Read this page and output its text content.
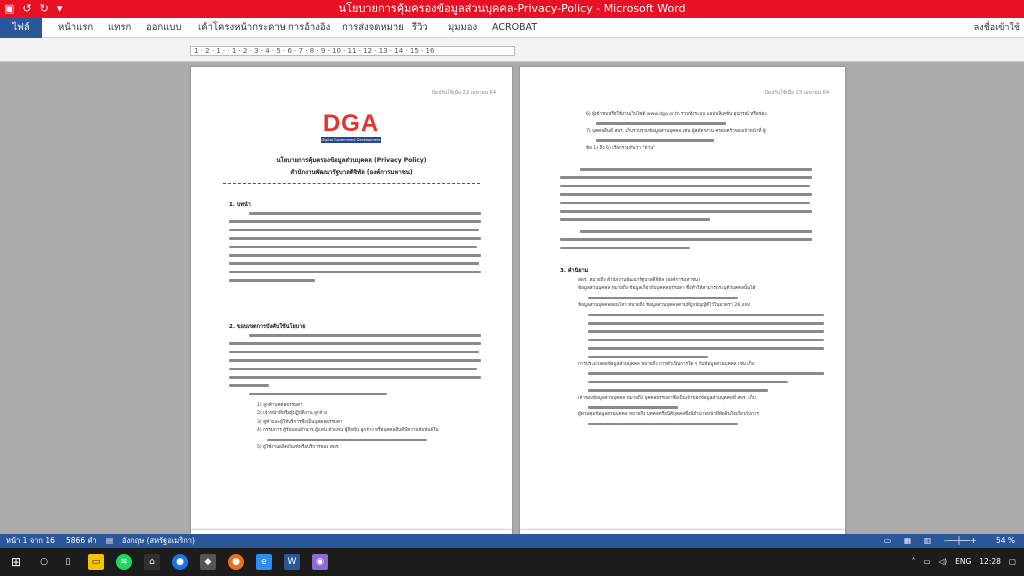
▣ ↺ ↻ ▾	นโยบายการคุ้มครองข้อมูลส่วนบุคคล-Privacy-Policy - Microsoft Word
ไฟล์	หน้าแรก แทรก ออกแบบ เค้าโครงหน้ากระดาษ การอ้างอิง การส่งจดหมาย รีวิว มุมมอง ACROBAT	ลงชื่อเข้าใช้
1 · 2 · 1 · · 1 · 2 · 3 · 4 · 5 · 6 · 7 · 8 · 9 · 10 · 11 · 12 · 13 · 14 · 15 · 16
ปัดปรับใช้เมื่อ 23 เมษายน 64
DGA
Digital Government Development Agency
นโยบายการคุ้มครองข้อมูลส่วนบุคคล (Privacy Policy)
สำนักงานพัฒนารัฐบาลดิจิทัล (องค์การมหาชน)
1. บทนำ
2. ขอบเขตการบังคับใช้นโยบาย
1) ลูกค้าบุคคลธรรมดา
2) เจ้าหน้าที่หรือผู้ปฏิบัติงาน ลูกจ้าง
3) คู่ค้าและผู้ให้บริการซึ่งเป็นบุคคลธรรมดา
4) กรรมการ ผู้รับมอบอำนาจ ผู้แทน ตัวแทน ผู้ถือหุ้น ลูกจ้าง หรือบุคคลอื่นที่มีความสัมพันธ์ใน
5) ผู้ใช้งานผลิตภัณฑ์หรือบริการของ สพร.
ปัดปรับใช้เมื่อ 23 เมษายน 64
6) ผู้เข้าชมหรือใช้งานเว็บไซต์ www.dga.or.th รวมทั้งระบบ แอปพลิเคชัน อุปกรณ์ หรือช่อง
7) บุคคลอื่นที่ สพร. เก็บรวบรวมข้อมูลส่วนบุคคล เช่น ผู้สมัครงาน ครอบครัวของเจ้าหน้าที่ ผู้
ข้อ 1) ถึง 6) เรียกรวมกันว่า "ท่าน"
3. คำนิยาม
สพร. หมายถึง สำนักงานพัฒนารัฐบาลดิจิทัล (องค์การมหาชน)
ข้อมูลส่วนบุคคล หมายถึง ข้อมูลเกี่ยวกับบุคคลธรรมดา ซึ่งทำให้สามารถระบุตัวบุคคลนั้นได้
ข้อมูลส่วนบุคคลอ่อนไหว หมายถึง ข้อมูลส่วนบุคคลตามที่ถูกบัญญัติไว้ในมาตรา 26 แห่ง
การประมวลผลข้อมูลส่วนบุคคล หมายถึง การดำเนินการใด ๆ กับข้อมูลส่วนบุคคล เช่น เก็บ
เจ้าของข้อมูลส่วนบุคคล หมายถึง บุคคลธรรมดาซึ่งเป็นเจ้าของข้อมูลส่วนบุคคลที่ สพร. เก็บ
ผู้ควบคุมข้อมูลส่วนบุคคล หมายถึง บุคคลหรือนิติบุคคลซึ่งมีอำนาจหน้าที่ตัดสินใจเกี่ยวกับการ
หน้า 1 จาก 16 5866 คำ ▤ อังกฤษ (สหรัฐอเมริกา)	▭ ▦ ▥ –──┼──+	54 %
⊞	○	▯	▭	≋	⌂	●	◆	●	e	W	◉	˄ ▭ ◁) ENG 12:28 ▢
